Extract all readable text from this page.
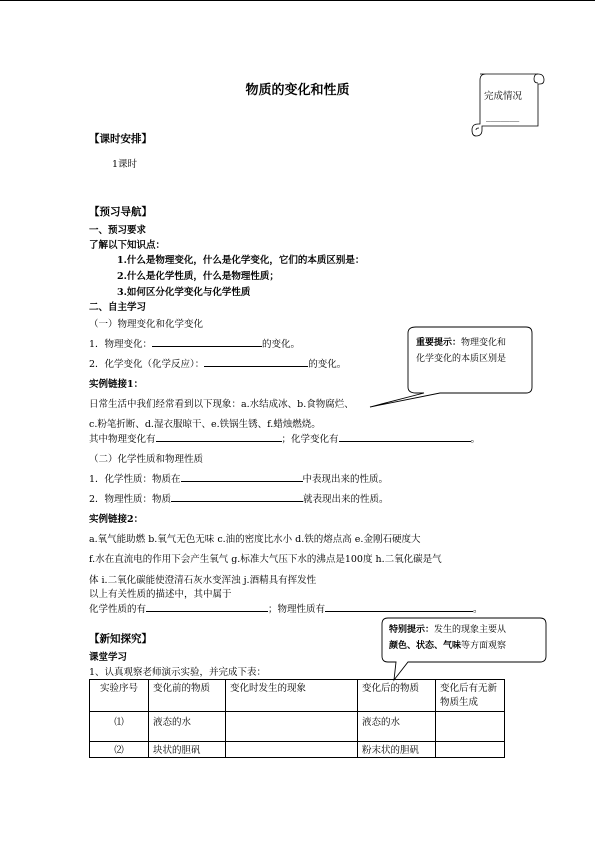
物质的变化和性质	完成情况
_______
【课时安排】
1课时
【预习导航】
一、预习要求
了解以下知识点：
1.什么是物理变化，什么是化学变化，它们的本质区别是：
2.什么是化学性质，什么是物理性质；
3.如何区分化学变化与化学性质
二、自主学习
（一）物理变化和化学变化
1．物理变化：	的变化。
2．化学变化（化学反应）：	的变化。
实例链接1：
日常生活中我们经常看到以下现象：a.水结成冰、b.食物腐烂、
c.粉笔折断、d.湿衣服晾干、e.铁锅生锈、f.蜡烛燃烧。
其中物理变化有	；化学变化有	。
（二）化学性质和物理性质
1．化学性质：物质在	中表现出来的性质。
2．物理性质：物质	就表现出来的性质。
实例链接2：
a.氧气能助燃 b.氧气无色无味 c.油的密度比水小 d.铁的熔点高 e.金刚石硬度大
f.水在直流电的作用下会产生氧气 g.标准大气压下水的沸点是100度 h.二氧化碳是气
体 i.二氧化碳能使澄清石灰水变浑浊 j.酒精具有挥发性
以上有关性质的描述中，其中属于
化学性质的有	；物理性质有	。
重要提示：物理变化和
化学变化的本质区别是
特别提示：发生的现象主要从
颜色、状态、气味等方面观察
【新知探究】
课堂学习
1、认真观察老师演示实验，并完成下表：
实验序号	变化前的物质	变化时发生的现象	变化后的物质	变化后有无新物质生成
⑴	液态的水		液态的水	
⑵	块状的胆矾		粉末状的胆矾	
